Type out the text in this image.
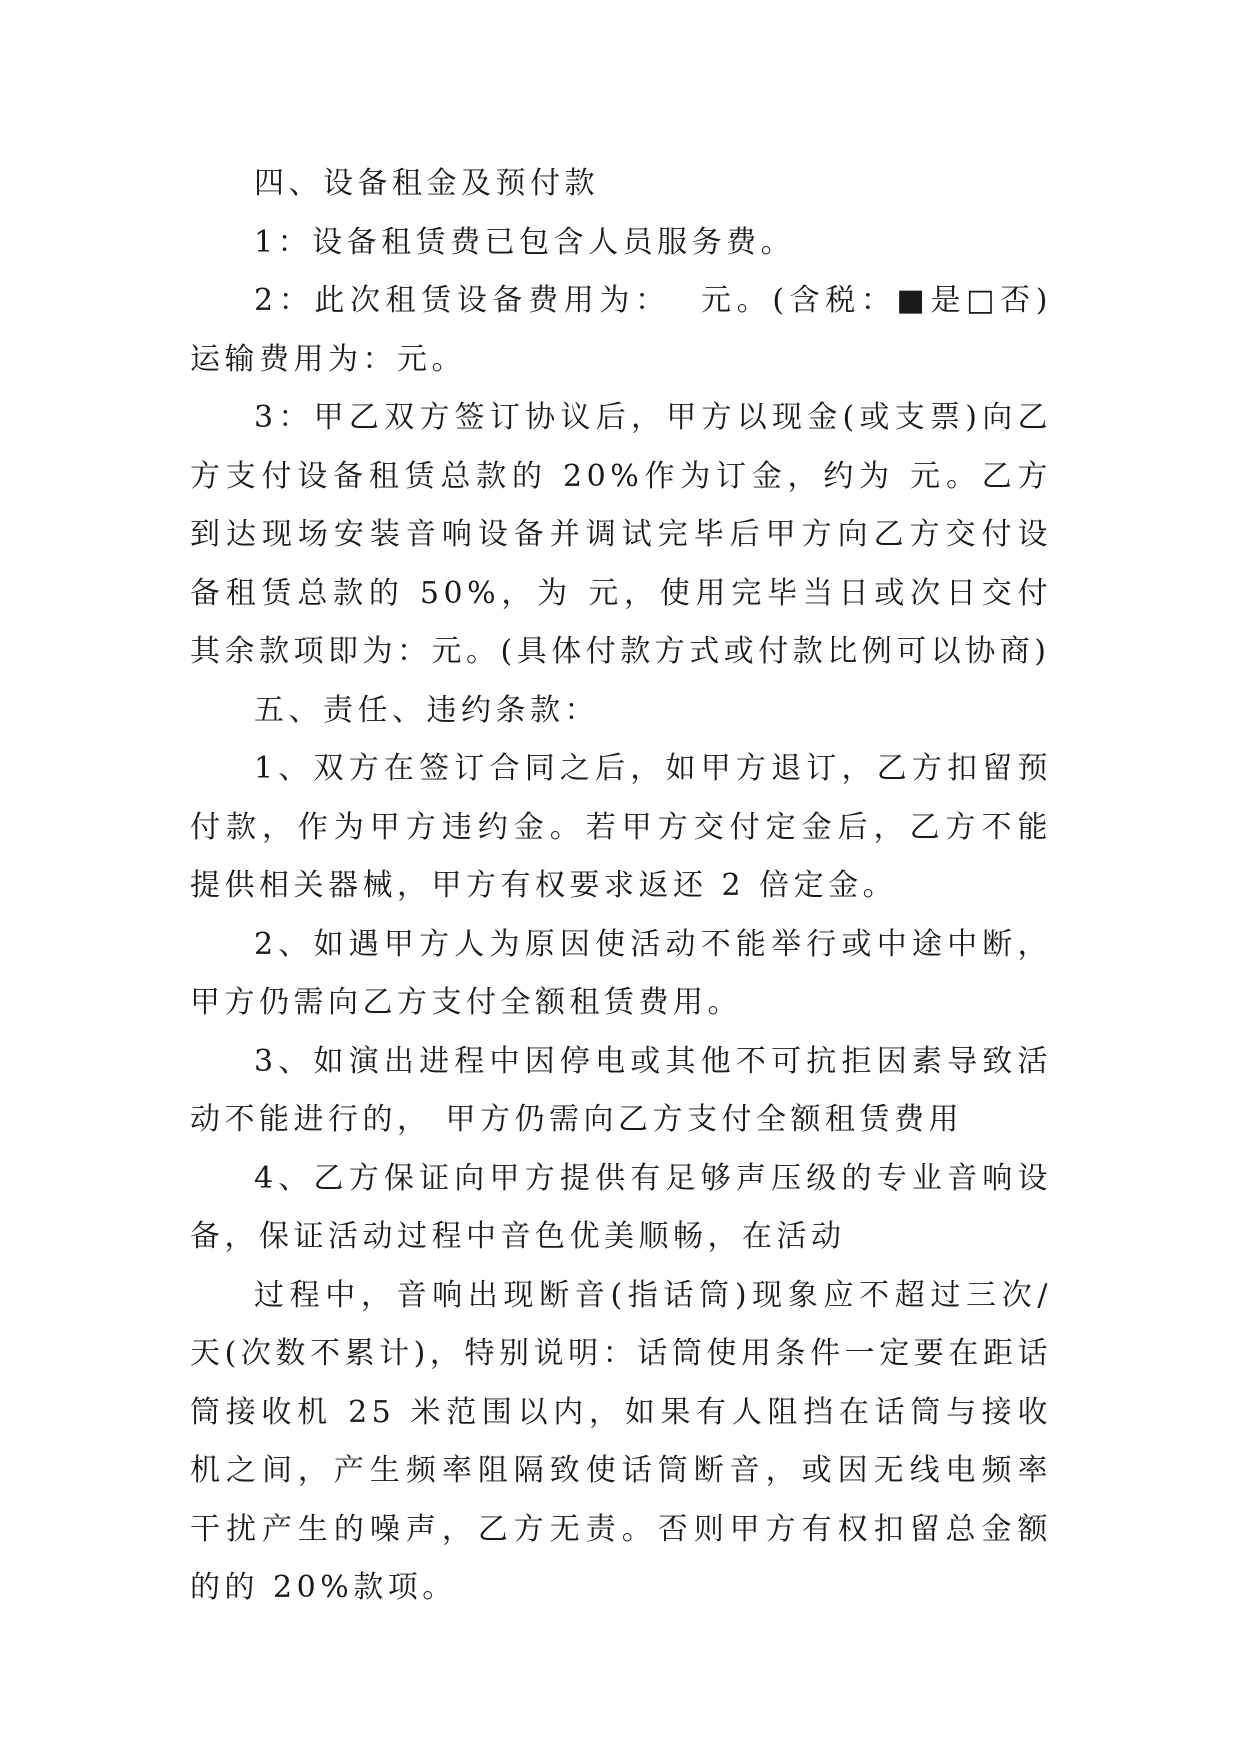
四、设备租金及预付款

1：设备租赁费已包含人员服务费。

2：此次租赁设备费用为：  元。(含税：■是□否)运输费用为：元。

3：甲乙双方签订协议后，甲方以现金(或支票)向乙方支付设备租赁总款的 20%作为订金，约为 元。乙方到达现场安装音响设备并调试完毕后甲方向乙方交付设备租赁总款的 50%，为 元，使用完毕当日或次日交付其余款项即为：元。(具体付款方式或付款比例可以协商)

五、责任、违约条款：

1、双方在签订合同之后，如甲方退订，乙方扣留预付款，作为甲方违约金。若甲方交付定金后，乙方不能提供相关器械，甲方有权要求返还 2 倍定金。

2、如遇甲方人为原因使活动不能举行或中途中断，甲方仍需向乙方支付全额租赁费用。

3、如演出进程中因停电或其他不可抗拒因素导致活动不能进行的， 甲方仍需向乙方支付全额租赁费用

4、乙方保证向甲方提供有足够声压级的专业音响设备，保证活动过程中音色优美顺畅，在活动

过程中，音响出现断音(指话筒)现象应不超过三次/天(次数不累计)，特别说明：话筒使用条件一定要在距话筒接收机 25 米范围以内，如果有人阻挡在话筒与接收机之间，产生频率阻隔致使话筒断音，或因无线电频率干扰产生的噪声，乙方无责。否则甲方有权扣留总金额的的 20%款项。
